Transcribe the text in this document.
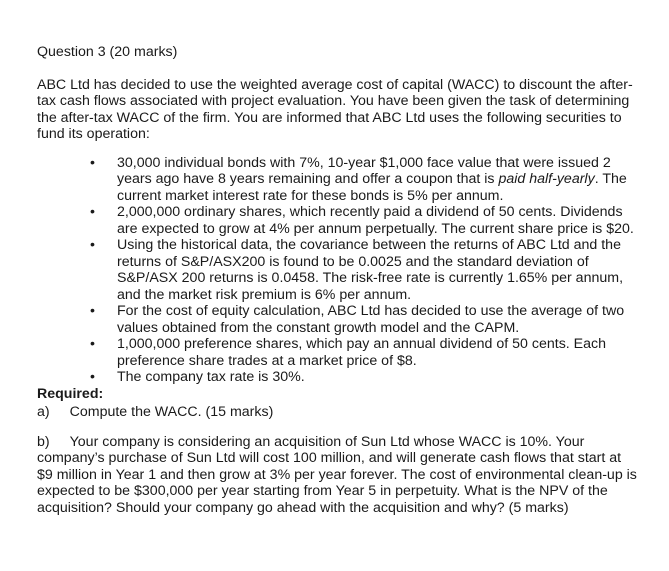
Question 3 (20 marks)

ABC Ltd has decided to use the weighted average cost of capital (WACC) to discount the after-tax cash flows associated with project evaluation. You have been given the task of determining the after-tax WACC of the firm. You are informed that ABC Ltd uses the following securities to fund its operation:

• 30,000 individual bonds with 7%, 10-year $1,000 face value that were issued 2 years ago have 8 years remaining and offer a coupon that is paid half-yearly. The current market interest rate for these bonds is 5% per annum.
• 2,000,000 ordinary shares, which recently paid a dividend of 50 cents. Dividends are expected to grow at 4% per annum perpetually. The current share price is $20.
• Using the historical data, the covariance between the returns of ABC Ltd and the returns of S&P/ASX200 is found to be 0.0025 and the standard deviation of S&P/ASX 200 returns is 0.0458. The risk-free rate is currently 1.65% per annum, and the market risk premium is 6% per annum.
• For the cost of equity calculation, ABC Ltd has decided to use the average of two values obtained from the constant growth model and the CAPM.
• 1,000,000 preference shares, which pay an annual dividend of 50 cents. Each preference share trades at a market price of $8.
• The company tax rate is 30%.

Required:

a) Compute the WACC. (15 marks)

b) Your company is considering an acquisition of Sun Ltd whose WACC is 10%. Your company’s purchase of Sun Ltd will cost 100 million, and will generate cash flows that start at $9 million in Year 1 and then grow at 3% per year forever. The cost of environmental clean-up is expected to be $300,000 per year starting from Year 5 in perpetuity. What is the NPV of the acquisition? Should your company go ahead with the acquisition and why? (5 marks)
